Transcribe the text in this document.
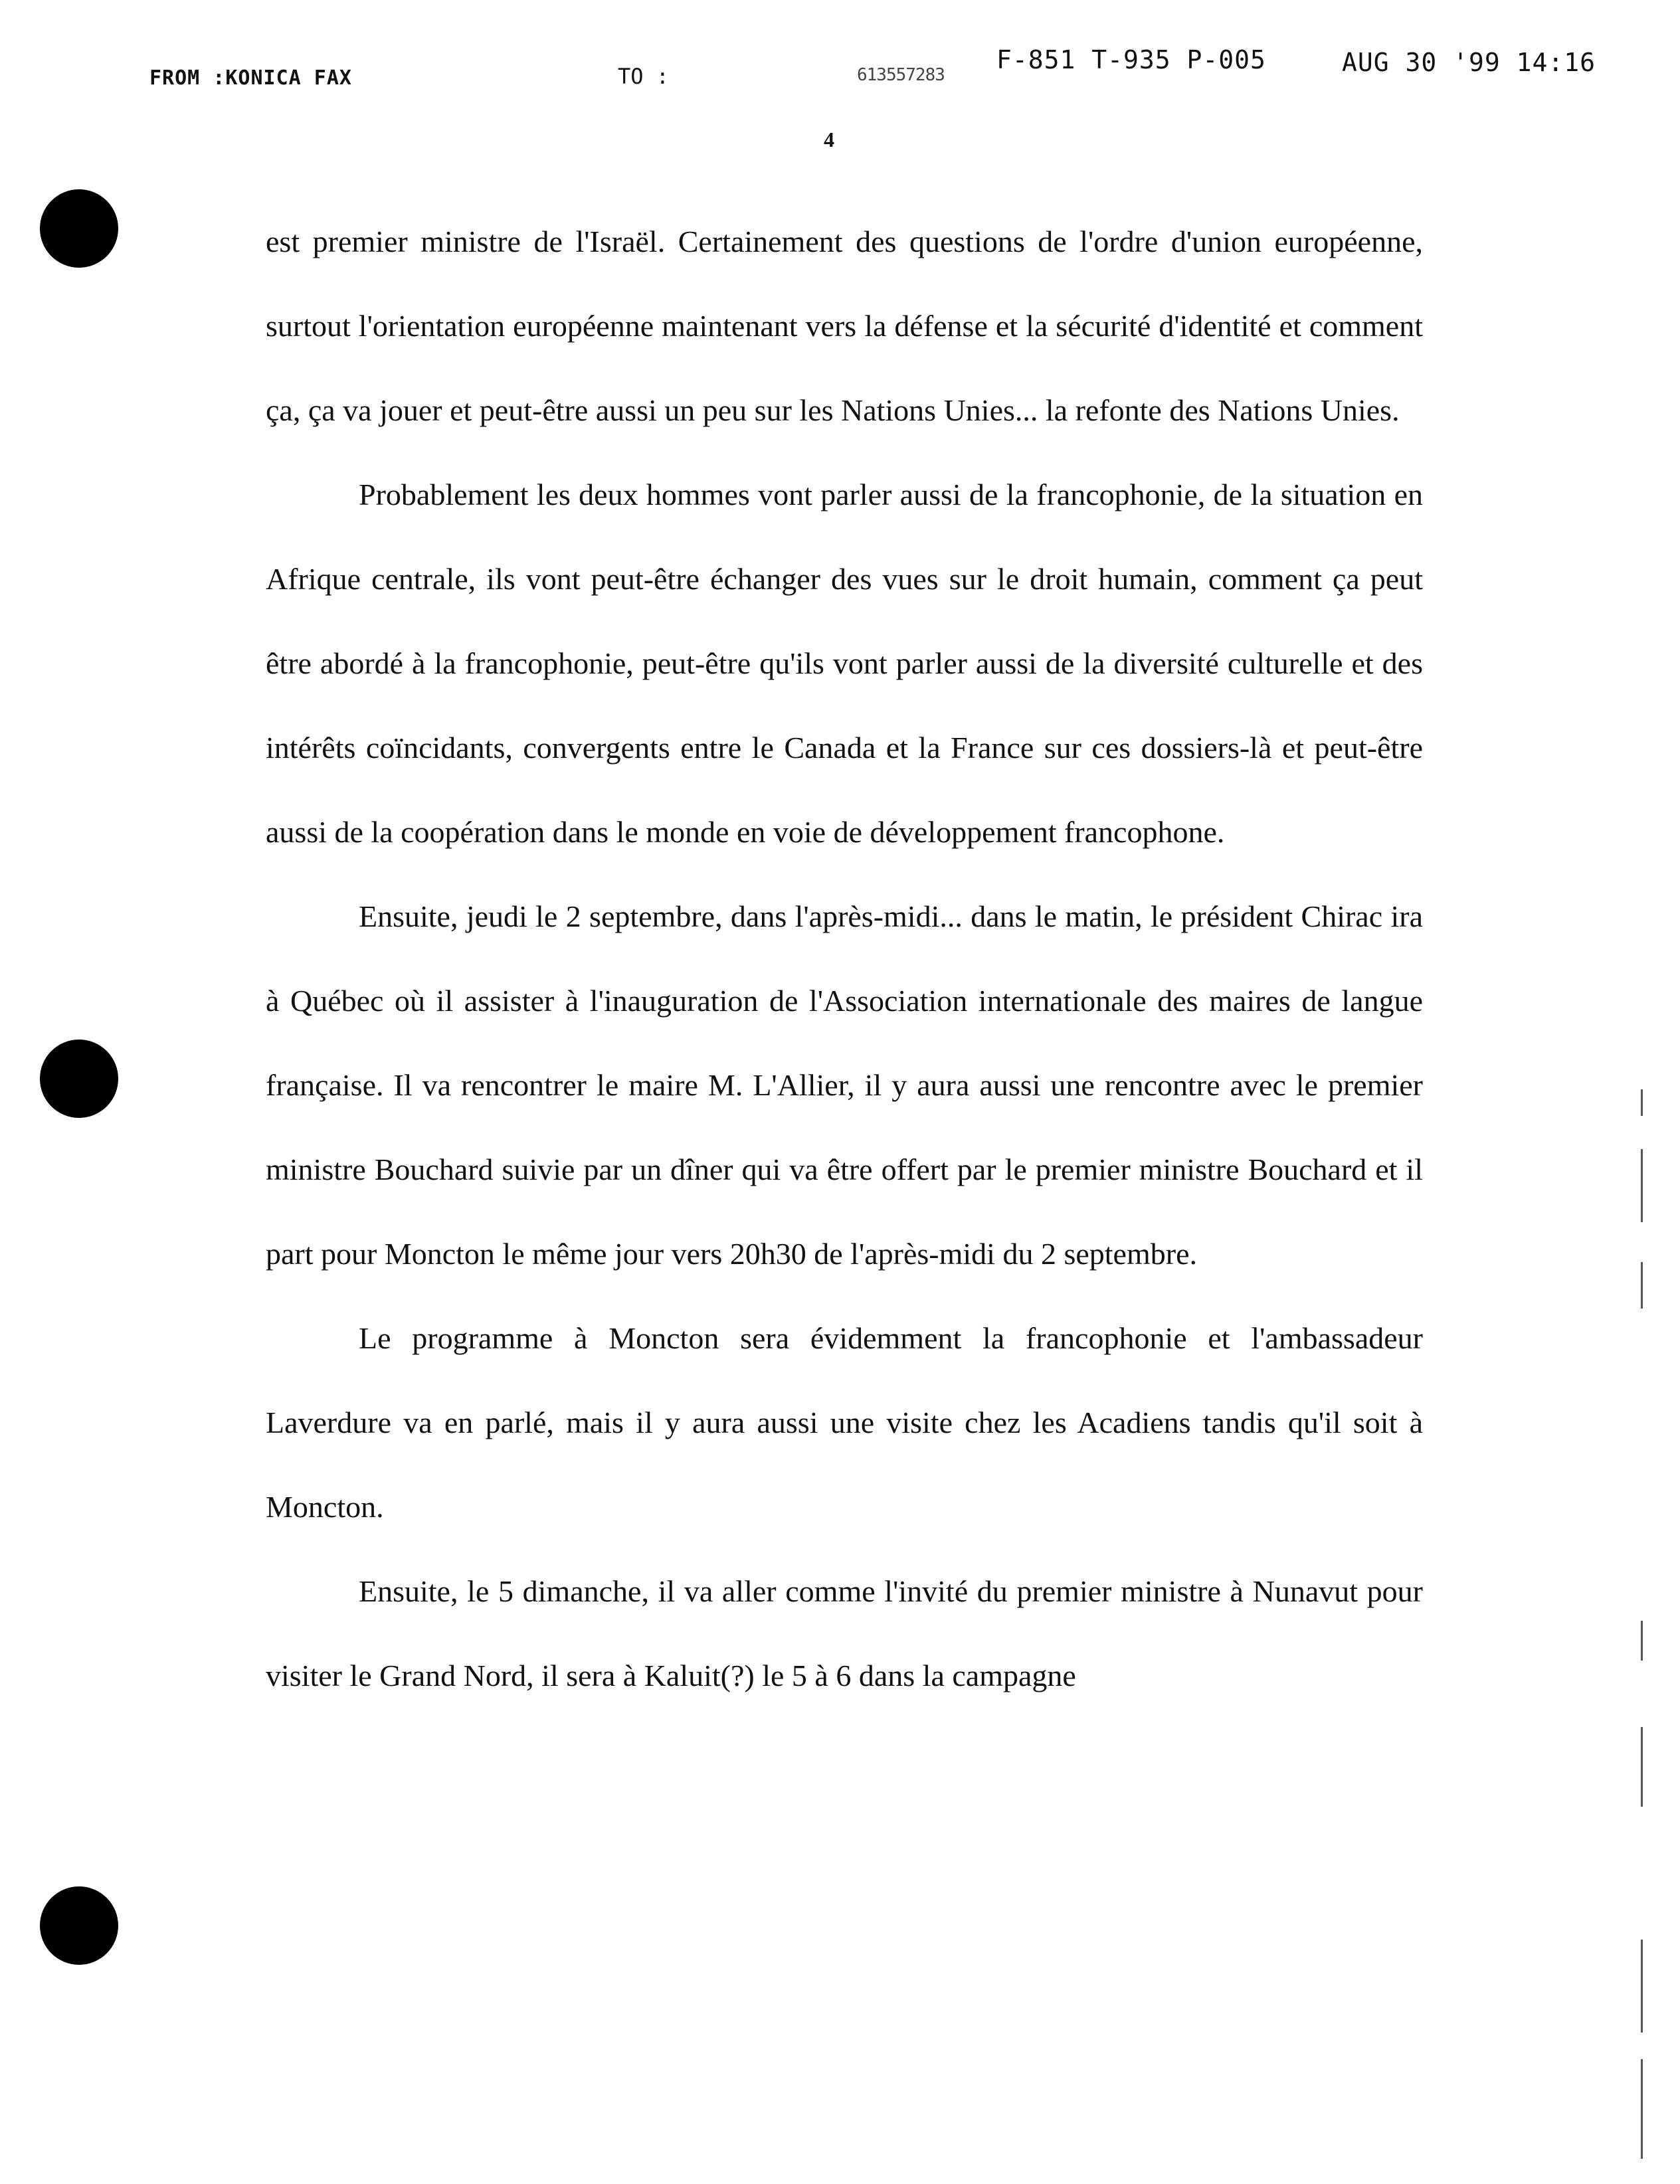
FROM :KONICA FAX	TO :	613557283
F-851 T-935 P-005	AUG 30 '99 14:16
4

est premier ministre de l'Israël. Certainement des questions de l'ordre d'union européenne, surtout l'orientation européenne maintenant vers la défense et la sécurité d'identité et comment ça, ça va jouer et peut-être aussi un peu sur les Nations Unies... la refonte des Nations Unies.

Probablement les deux hommes vont parler aussi de la francophonie, de la situation en Afrique centrale, ils vont peut-être échanger des vues sur le droit humain, comment ça peut être abordé à la francophonie, peut-être qu'ils vont parler aussi de la diversité culturelle et des intérêts coïncidants, convergents entre le Canada et la France sur ces dossiers-là et peut-être aussi de la coopération dans le monde en voie de développement francophone.

Ensuite, jeudi le 2 septembre, dans l'après-midi... dans le matin, le président Chirac ira à Québec où il assister à l'inauguration de l'Association internationale des maires de langue française. Il va rencontrer le maire M. L'Allier, il y aura aussi une rencontre avec le premier ministre Bouchard suivie par un dîner qui va être offert par le premier ministre Bouchard et il part pour Moncton le même jour vers 20h30 de l'après-midi du 2 septembre.

Le programme à Moncton sera évidemment la francophonie et l'ambassadeur Laverdure va en parlé, mais il y aura aussi une visite chez les Acadiens tandis qu'il soit à Moncton.

Ensuite, le 5 dimanche, il va aller comme l'invité du premier ministre à Nunavut pour visiter le Grand Nord, il sera à Kaluit(?) le 5 à 6 dans la campagne
